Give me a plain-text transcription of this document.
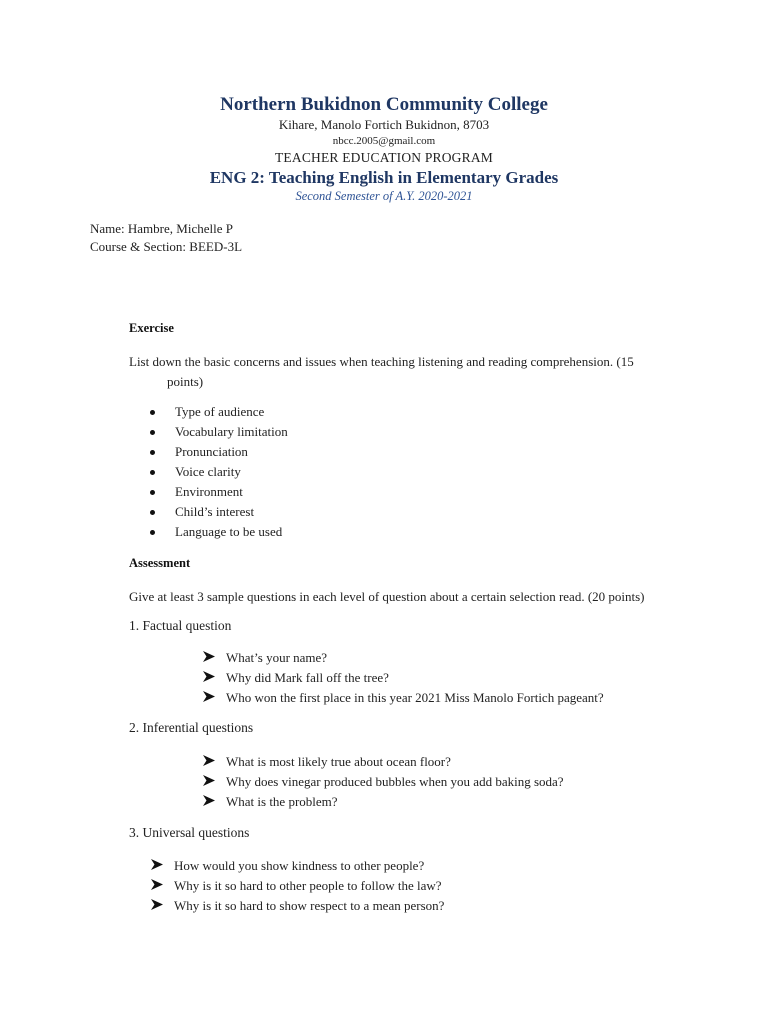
Northern Bukidnon Community College
Kihare, Manolo Fortich Bukidnon, 8703
nbcc.2005@gmail.com
TEACHER EDUCATION PROGRAM
ENG 2: Teaching English in Elementary Grades
Second Semester of A.Y. 2020-2021
Name: Hambre, Michelle P
Course & Section: BEED-3L
Exercise
List down the basic concerns and issues when teaching listening and reading comprehension. (15
points)
Type of audience
Vocabulary limitation
Pronunciation
Voice clarity
Environment
Child’s interest
Language to be used
Assessment
Give at least 3 sample questions in each level of question about a certain selection read. (20 points)
1. Factual question
What’s your name?
Why did Mark fall off the tree?
Who won the first place in this year 2021 Miss Manolo Fortich pageant?
2. Inferential questions
What is most likely true about ocean floor?
Why does vinegar produced bubbles when you add baking soda?
What is the problem?
3. Universal questions
How would you show kindness to other people?
Why is it so hard to other people to follow the law?
Why is it so hard to show respect to a mean person?
